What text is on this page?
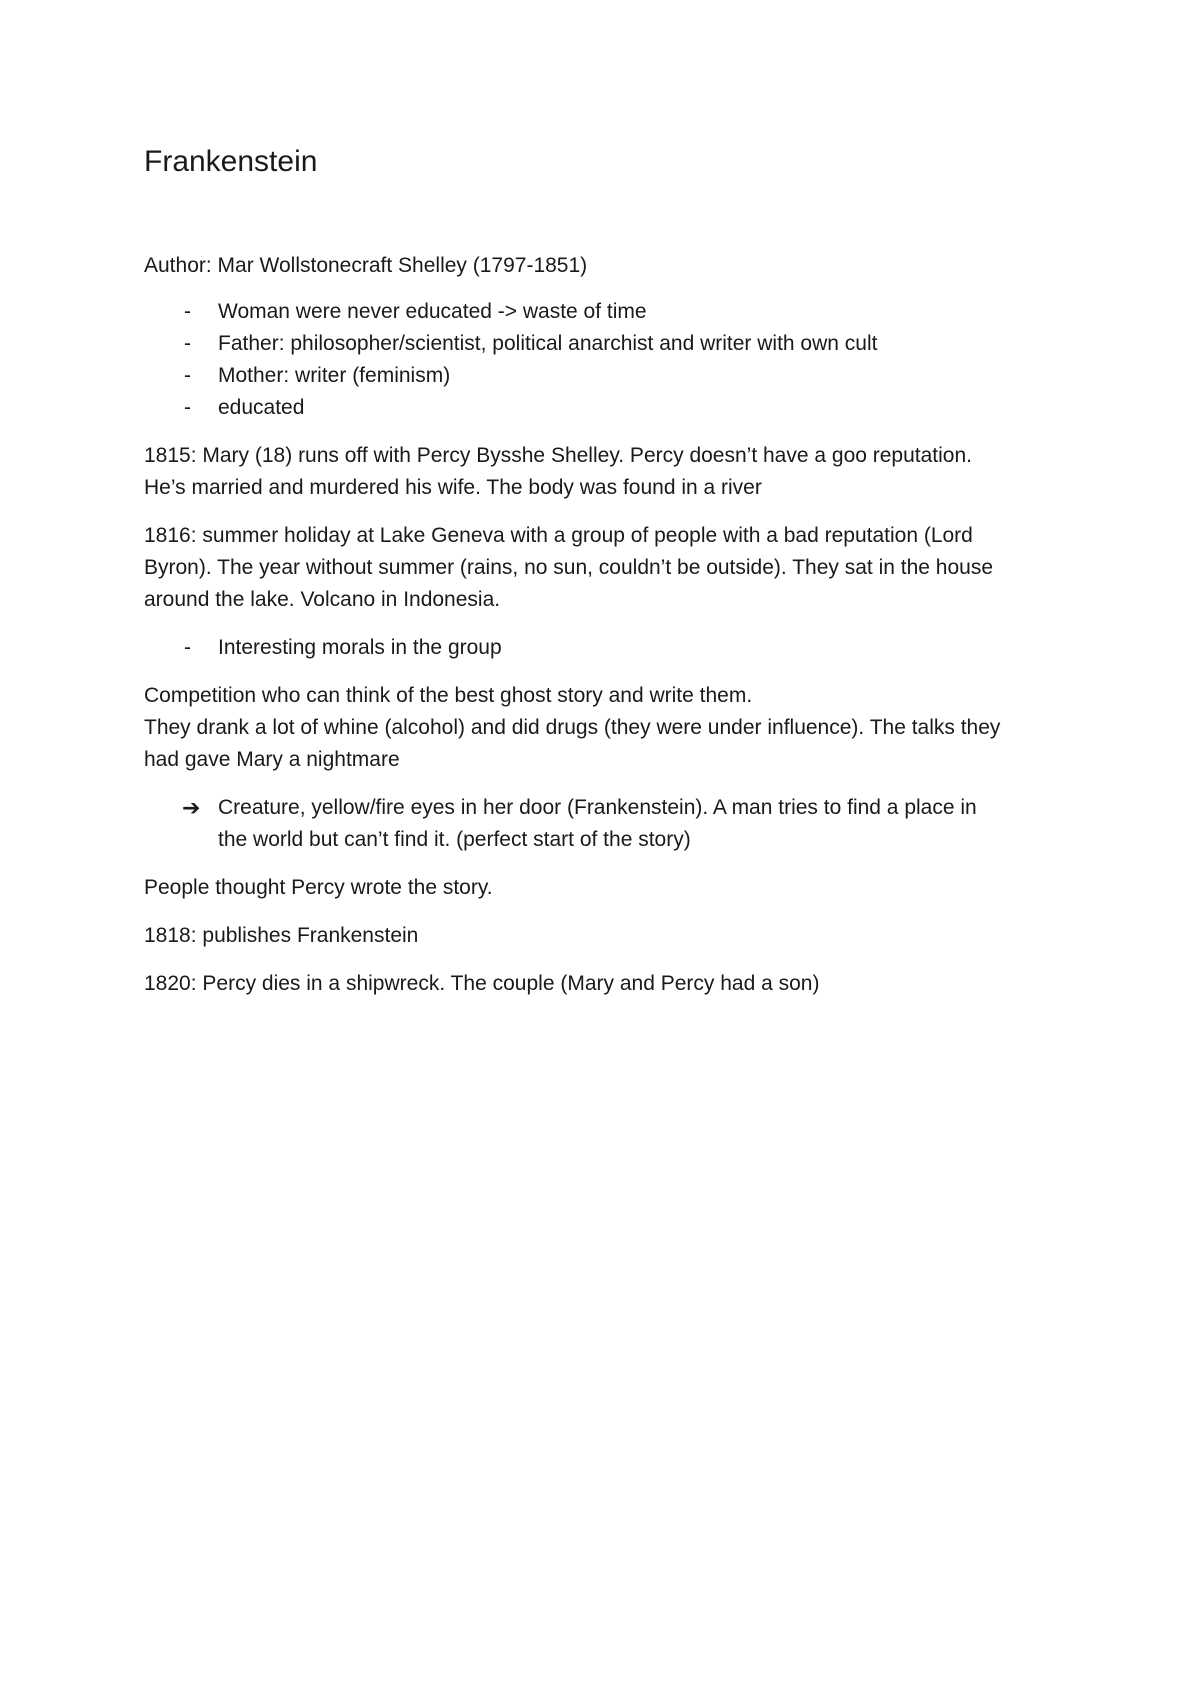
Frankenstein
Author: Mar Wollstonecraft Shelley (1797-1851)
-	Woman were never educated -> waste of time
-	Father: philosopher/scientist, political anarchist and writer with own cult
-	Mother: writer (feminism)
-	educated
1815: Mary (18) runs off with Percy Bysshe Shelley. Percy doesn’t have a goo reputation.
He’s married and murdered his wife. The body was found in a river
1816: summer holiday at Lake Geneva with a group of people with a bad reputation (Lord
Byron). The year without summer (rains, no sun, couldn’t be outside). They sat in the house
around the lake. Volcano in Indonesia.
-	Interesting morals in the group
Competition who can think of the best ghost story and write them.
They drank a lot of whine (alcohol) and did drugs (they were under influence). The talks they
had gave Mary a nightmare
➔ Creature, yellow/fire eyes in her door (Frankenstein). A man tries to find a place in
the world but can’t find it. (perfect start of the story)
People thought Percy wrote the story.
1818: publishes Frankenstein
1820: Percy dies in a shipwreck. The couple (Mary and Percy had a son)
